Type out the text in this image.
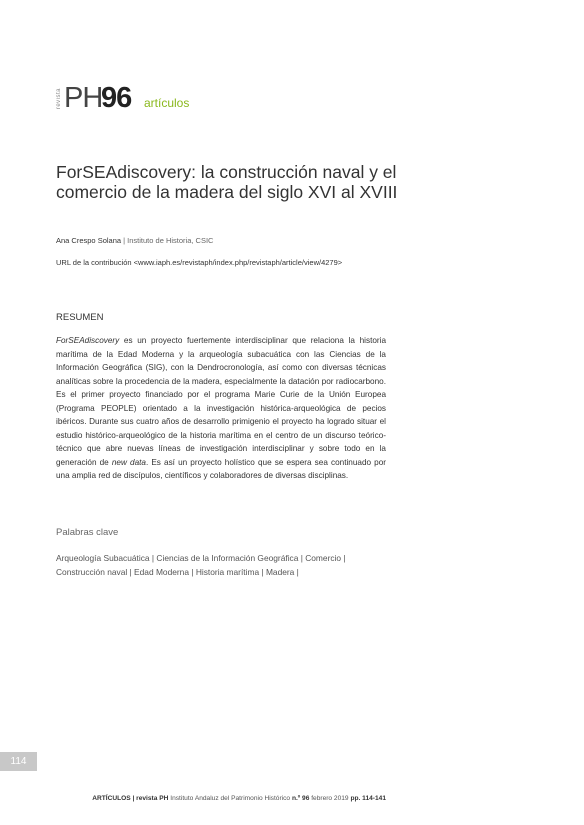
revista PH
96 artículos
ForSEAdiscovery: la construcción naval y el comercio de la madera del siglo XVI al XVIII
Ana Crespo Solana | Instituto de Historia, CSIC
URL de la contribución <www.iaph.es/revistaph/index.php/revistaph/article/view/4279>
RESUMEN

ForSEAdiscovery es un proyecto fuertemente interdisciplinar que relaciona la historia marítima de la Edad Moderna y la arqueología subacuática con las Ciencias de la Información Geográfica (SIG), con la Dendrocronología, así como con diversas técnicas analíticas sobre la procedencia de la madera, especialmente la datación por radiocarbono. Es el primer proyecto financiado por el programa Marie Curie de la Unión Europea (Programa PEOPLE) orientado a la investigación histórica-arqueológica de pecios ibéricos. Durante sus cuatro años de desarrollo primigenio el proyecto ha logrado situar el estudio histórico-arqueológico de la historia marítima en el centro de un discurso teórico-técnico que abre nuevas líneas de investigación interdisciplinar y sobre todo en la generación de new data. Es así un proyecto holístico que se espera sea continuado por una amplia red de discípulos, científicos y colaboradores de diversas disciplinas.

Palabras clave

Arqueología Subacuática | Ciencias de la Información Geográfica | Comercio | Construcción naval | Edad Moderna | Historia marítima | Madera |

114
ARTÍCULOS | revista PH Instituto Andaluz del Patrimonio Histórico n.º 96 febrero 2019 pp. 114-141
